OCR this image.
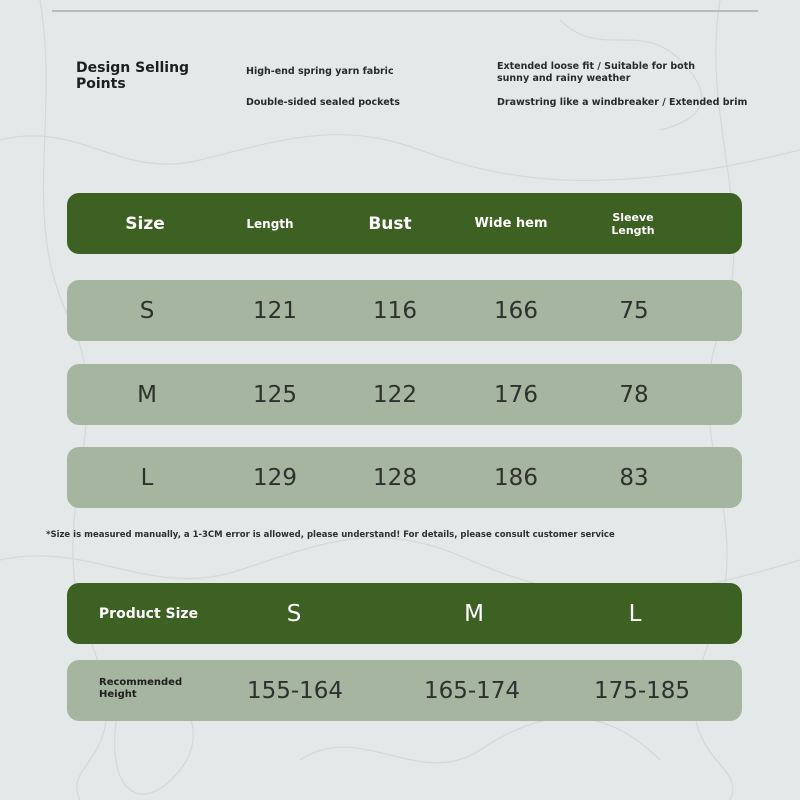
Design Selling Points
High-end spring yarn fabric
Double-sided sealed pockets
Extended loose fit / Suitable for both sunny and rainy weather
Drawstring like a windbreaker / Extended brim
Size	Length	Bust	Wide hem	Sleeve Length
S	121	116	166	75
M	125	122	176	78
L	129	128	186	83
*Size is measured manually, a 1-3CM error is allowed, please understand! For details, please consult customer service
Product Size	S	M	L
Recommended Height	155-164	165-174	175-185
